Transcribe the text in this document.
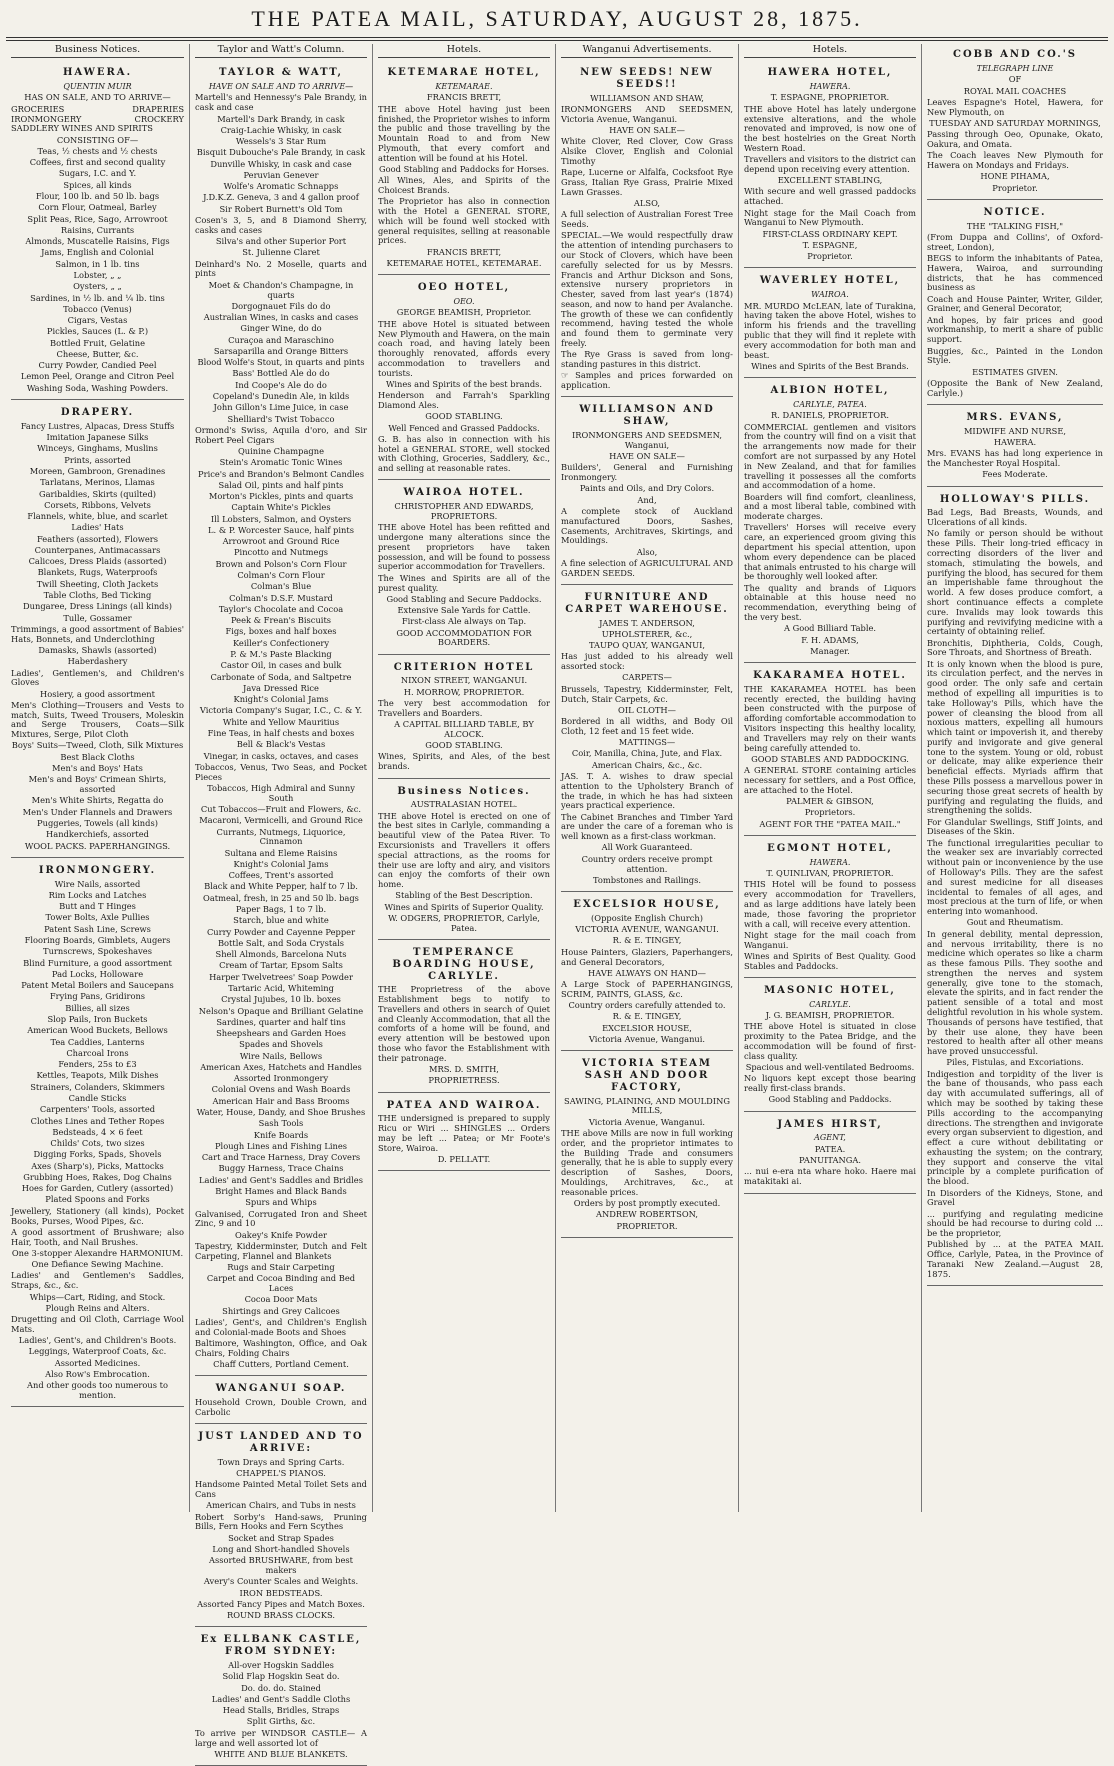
THE PATEA MAIL, SATURDAY, AUGUST 28, 1875.
Business Notices.
HAWERA.
QUENTIN MUIR

HAS ON SALE, AND TO ARRIVE—

GROCERIES DRAPERIES IRONMONGERY CROCKERY SADDLERY WINES AND SPIRITS

CONSISTING OF—

Teas, ½ chests and ½ chests

Coffees, first and second quality

Sugars, I.C. and Y.

Spices, all kinds

Flour, 100 lb. and 50 lb. bags

Corn Flour, Oatmeal, Barley

Split Peas, Rice, Sago, Arrowroot

Raisins, Currants

Almonds, Muscatelle Raisins, Figs

Jams, English and Colonial

Salmon, in 1 lb. tins

Lobster, „ „

Oysters, „ „

Sardines, in ½ lb. and ¼ lb. tins

Tobacco (Venus)

Cigars, Vestas

Pickles, Sauces (L. & P.)

Bottled Fruit, Gelatine

Cheese, Butter, &c.

Curry Powder, Candied Peel

Lemon Peel, Orange and Citron Peel

Washing Soda, Washing Powders.

DRAPERY.

Fancy Lustres, Alpacas, Dress Stuffs

Imitation Japanese Silks

Winceys, Ginghams, Muslins

Prints, assorted

Moreen, Gambroon, Grenadines

Tarlatans, Merinos, Llamas

Garibaldies, Skirts (quilted)

Corsets, Ribbons, Velvets

Flannels, white, blue, and scarlet

Ladies' Hats

Feathers (assorted), Flowers

Counterpanes, Antimacassars

Calicoes, Dress Plaids (assorted)

Blankets, Rugs, Waterproofs

Twill Sheeting, Cloth Jackets

Table Cloths, Bed Ticking

Dungaree, Dress Linings (all kinds)

Tulle, Gossamer

Trimmings, a good assortment of Babies' Hats, Bonnets, and Underclothing

Damasks, Shawls (assorted)

Haberdashery

Ladies', Gentlemen's, and Children's Gloves

Hosiery, a good assortment

Men's Clothing—Trousers and Vests to match, Suits, Tweed Trousers, Moleskin and Serge Trousers, Coats—Silk Mixtures, Serge, Pilot Cloth

Boys' Suits—Tweed, Cloth, Silk Mixtures

Best Black Cloths

Men's and Boys' Hats

Men's and Boys' Crimean Shirts, assorted

Men's White Shirts, Regatta do

Men's Under Flannels and Drawers

Puggeries, Towels (all kinds)

Handkerchiefs, assorted

WOOL PACKS. PAPERHANGINGS.

IRONMONGERY.

Wire Nails, assorted

Rim Locks and Latches

Butt and T Hinges

Tower Bolts, Axle Pullies

Patent Sash Line, Screws

Flooring Boards, Gimblets, Augers

Turnscrews, Spokeshaves

Blind Furniture, a good assortment

Pad Locks, Holloware

Patent Metal Boilers and Saucepans

Frying Pans, Gridirons

Billies, all sizes

Slop Pails, Iron Buckets

American Wood Buckets, Bellows

Tea Caddies, Lanterns

Charcoal Irons

Fenders, 25s to £3

Kettles, Teapots, Milk Dishes

Strainers, Colanders, Skimmers

Candle Sticks

Carpenters' Tools, assorted

Clothes Lines and Tether Ropes

Bedsteads, 4 × 6 feet

Childs' Cots, two sizes

Digging Forks, Spads, Shovels

Axes (Sharp's), Picks, Mattocks

Grubbing Hoes, Rakes, Dog Chains

Hoes for Garden, Cutlery (assorted)

Plated Spoons and Forks

Jewellery, Stationery (all kinds), Pocket Books, Purses, Wood Pipes, &c.

A good assortment of Brushware; also Hair, Tooth, and Nail Brushes.

One 3-stopper Alexandre HARMONIUM.

One Defiance Sewing Machine.

Ladies' and Gentlemen's Saddles, Straps, &c., &c.

Whips—Cart, Riding, and Stock.

Plough Reins and Alters.

Drugetting and Oil Cloth, Carriage Wool Mats.

Ladies', Gent's, and Children's Boots.

Leggings, Waterproof Coats, &c.

Assorted Medicines.

Also Row's Embrocation.

And other goods too numerous to mention.

Taylor and Watt's Column.
TAYLOR & WATT,
HAVE ON SALE AND TO ARRIVE—

Martell's and Hennessy's Pale Brandy, in cask and case

Martell's Dark Brandy, in cask

Craig-Lachie Whisky, in cask

Wessels's 3 Star Rum

Bisquit Dubouche's Pale Brandy, in cask

Dunville Whisky, in cask and case

Peruvian Genever

Wolfe's Aromatic Schnapps

J.D.K.Z. Geneva, 3 and 4 gallon proof

Sir Robert Burnett's Old Tom

Cosen's 3, 5, and 8 Diamond Sherry, casks and cases

Silva's and other Superior Port

St. Julienne Claret

Deinhard's No. 2 Moselle, quarts and pints

Moet & Chandon's Champagne, in quarts

Dorgognauet Fils do do

Australian Wines, in casks and cases

Ginger Wine, do do

Curaçoa and Maraschino

Sarsaparilla and Orange Bitters

Blood Wolfe's Stout, in quarts and pints

Bass' Bottled Ale do do

Ind Coope's Ale do do

Copeland's Dunedin Ale, in kilds

John Gillon's Lime Juice, in case

Shelliard's Twist Tobacco

Ormond's Swiss, Aquila d'oro, and Sir Robert Peel Cigars

Quinine Champagne

Stein's Aromatic Tonic Wines

Price's and Brandon's Belmont Candles

Salad Oil, pints and half pints

Morton's Pickles, pints and quarts

Captain White's Pickles

Ill Lobsters, Salmon, and Oysters

L. & P. Worcester Sauce, half pints

Arrowroot and Ground Rice

Pincotto and Nutmegs

Brown and Polson's Corn Flour

Colman's Corn Flour

Colman's Blue

Colman's D.S.F. Mustard

Taylor's Chocolate and Cocoa

Peek & Frean's Biscuits

Figs, boxes and half boxes

Keiller's Confectionery

P. & M.'s Paste Blacking

Castor Oil, in cases and bulk

Carbonate of Soda, and Saltpetre

Java Dressed Rice

Knight's Colonial Jams

Victoria Company's Sugar, I.C., C. & Y.

White and Yellow Mauritius

Fine Teas, in half chests and boxes

Bell & Black's Vestas

Vinegar, in casks, octaves, and cases

Tobaccos, Venus, Two Seas, and Pocket Pieces

Tobaccos, High Admiral and Sunny South

Cut Tobaccos—Fruit and Flowers, &c.

Macaroni, Vermicelli, and Ground Rice

Currants, Nutmegs, Liquorice, Cinnamon

Sultana and Eleme Raisins

Knight's Colonial Jams

Coffees, Trent's assorted

Black and White Pepper, half to 7 lb.

Oatmeal, fresh, in 25 and 50 lb. bags

Paper Bags, 1 to 7 lb.

Starch, blue and white

Curry Powder and Cayenne Pepper

Bottle Salt, and Soda Crystals

Shell Almonds, Barcelona Nuts

Cream of Tartar, Epsom Salts

Harper Twelvetrees' Soap Powder

Tartaric Acid, Whiteming

Crystal Jujubes, 10 lb. boxes

Nelson's Opaque and Brilliant Gelatine

Sardines, quarter and half tins

Sheepshears and Garden Hoes

Spades and Shovels

Wire Nails, Bellows

American Axes, Hatchets and Handles

Assorted Ironmongery

Colonial Ovens and Wash Boards

American Hair and Bass Brooms

Water, House, Dandy, and Shoe Brushes

Sash Tools

Knife Boards

Plough Lines and Fishing Lines

Cart and Trace Harness, Dray Covers

Buggy Harness, Trace Chains

Ladies' and Gent's Saddles and Bridles

Bright Hames and Black Bands

Spurs and Whips

Galvanised, Corrugated Iron and Sheet Zinc, 9 and 10

Oakey's Knife Powder

Tapestry, Kidderminster, Dutch and Felt Carpeting, Flannel and Blankets

Rugs and Stair Carpeting

Carpet and Cocoa Binding and Bed Laces

Cocoa Door Mats

Shirtings and Grey Calicoes

Ladies', Gent's, and Children's English and Colonial-made Boots and Shoes

Baltimore, Washington, Office, and Oak Chairs, Folding Chairs

Chaff Cutters, Portland Cement.

WANGANUI SOAP.

Household Crown, Double Crown, and Carbolic

JUST LANDED AND TO ARRIVE:

Town Drays and Spring Carts.

CHAPPEL'S PIANOS.

Handsome Painted Metal Toilet Sets and Cans

American Chairs, and Tubs in nests

Robert Sorby's Hand-saws, Pruning Bills, Fern Hooks and Fern Scythes

Socket and Strap Spades

Long and Short-handled Shovels

Assorted BRUSHWARE, from best makers

Avery's Counter Scales and Weights.

IRON BEDSTEADS.

Assorted Fancy Pipes and Match Boxes.

ROUND BRASS CLOCKS.

Ex ELLBANK CASTLE, FROM SYDNEY:

All-over Hogskin Saddles

Solid Flap Hogskin Seat do.

Do. do. do. Stained

Ladies' and Gent's Saddle Cloths

Head Stalls, Bridles, Straps

Split Girths, &c.

To arrive per WINDSOR CASTLE— A large and well assorted lot of

WHITE AND BLUE BLANKETS.

Hotels.
KETEMARAE HOTEL,
KETEMARAE.

FRANCIS BRETT,

THE above Hotel having just been finished, the Proprietor wishes to inform the public and those travelling by the Mountain Road to and from New Plymouth, that every comfort and attention will be found at his Hotel.

Good Stabling and Paddocks for Horses.

All Wines, Ales, and Spirits of the Choicest Brands.

The Proprietor has also in connection with the Hotel a GENERAL STORE, which will be found well stocked with general requisites, selling at reasonable prices.

FRANCIS BRETT,

KETEMARAE HOTEL, KETEMARAE.

OEO HOTEL,
OEO.

GEORGE BEAMISH, Proprietor.

THE above Hotel is situated between New Plymouth and Hawera, on the main coach road, and having lately been thoroughly renovated, affords every accommodation to travellers and tourists.

Wines and Spirits of the best brands.

Henderson and Farrah's Sparkling Diamond Ales.

GOOD STABLING.

Well Fenced and Grassed Paddocks.

G. B. has also in connection with his hotel a GENERAL STORE, well stocked with Clothing, Groceries, Saddlery, &c., and selling at reasonable rates.

WAIROA HOTEL.

CHRISTOPHER AND EDWARDS, PROPRIETORS.

THE above Hotel has been refitted and undergone many alterations since the present proprietors have taken possession, and will be found to possess superior accommodation for Travellers.

The Wines and Spirits are all of the purest quality.

Good Stabling and Secure Paddocks.

Extensive Sale Yards for Cattle.

First-class Ale always on Tap.

GOOD ACCOMMODATION FOR BOARDERS.

CRITERION HOTEL

NIXON STREET, WANGANUI.

H. MORROW, PROPRIETOR.

The very best accommodation for Travellers and Boarders.

A CAPITAL BILLIARD TABLE, BY ALCOCK.

GOOD STABLING.

Wines, Spirits, and Ales, of the best brands.

Business Notices.

AUSTRALASIAN HOTEL.

THE above Hotel is erected on one of the best sites in Carlyle, commanding a beautiful view of the Patea River. To Excursionists and Travellers it offers special attractions, as the rooms for their use are lofty and airy, and visitors can enjoy the comforts of their own home.

Stabling of the Best Description.

Wines and Spirits of Superior Quality.

W. ODGERS, PROPRIETOR, Carlyle, Patea.

TEMPERANCE BOARDING HOUSE, CARLYLE.

THE Proprietress of the above Establishment begs to notify to Travellers and others in search of Quiet and Cleanly Accommodation, that all the comforts of a home will be found, and every attention will be bestowed upon those who favor the Establishment with their patronage.

MRS. D. SMITH,

PROPRIETRESS.

PATEA AND WAIROA.

THE undersigned is prepared to supply Ricu or Wiri ... SHINGLES ... Orders may be left ... Patea; or Mr Foote's Store, Wairoa.

D. PELLATT.

Wanganui Advertisements.
NEW SEEDS! NEW SEEDS!!

WILLIAMSON AND SHAW,

IRONMONGERS AND SEEDSMEN, Victoria Avenue, Wanganui.

HAVE ON SALE—

White Clover, Red Clover, Cow Grass Alsike Clover, English and Colonial Timothy

Rape, Lucerne or Alfalfa, Cocksfoot Rye Grass, Italian Rye Grass, Prairie Mixed Lawn Grasses.

ALSO,

A full selection of Australian Forest Tree Seeds.

SPECIAL.—We would respectfully draw the attention of intending purchasers to our Stock of Clovers, which have been carefully selected for us by Messrs. Francis and Arthur Dickson and Sons, extensive nursery proprietors in Chester, saved from last year's (1874) season, and now to hand per Avalanche. The growth of these we can confidently recommend, having tested the whole and found them to germinate very freely.

The Rye Grass is saved from long-standing pastures in this district.

☞ Samples and prices forwarded on application.

WILLIAMSON AND SHAW,

IRONMONGERS AND SEEDSMEN, Wanganui,

HAVE ON SALE—

Builders', General and Furnishing Ironmongery.

Paints and Oils, and Dry Colors.

And,

A complete stock of Auckland manufactured Doors, Sashes, Casements, Architraves, Skirtings, and Mouldings.

Also,

A fine selection of AGRICULTURAL AND GARDEN SEEDS.

FURNITURE AND CARPET WAREHOUSE.

JAMES T. ANDERSON,

UPHOLSTERER, &c.,

TAUPO QUAY, WANGANUI,

Has just added to his already well assorted stock:

CARPETS—

Brussels, Tapestry, Kidderminster, Felt, Dutch, Stair Carpets, &c.

OIL CLOTH—

Bordered in all widths, and Body Oil Cloth, 12 feet and 15 feet wide.

MATTINGS—

Coir, Manilla, China, Jute, and Flax.

American Chairs, &c., &c.

JAS. T. A. wishes to draw special attention to the Upholstery Branch of the trade, in which he has had sixteen years practical experience.

The Cabinet Branches and Timber Yard are under the care of a foreman who is well known as a first-class workman.

All Work Guaranteed.

Country orders receive prompt attention.

Tombstones and Railings.

EXCELSIOR HOUSE,

(Opposite English Church)

VICTORIA AVENUE, WANGANUI.

R. & E. TINGEY,

House Painters, Glaziers, Paperhangers, and General Decorators,

HAVE ALWAYS ON HAND—

A Large Stock of PAPERHANGINGS, SCRIM, PAINTS, GLASS, &c.

Country orders carefully attended to.

R. & E. TINGEY,

EXCELSIOR HOUSE,

Victoria Avenue, Wanganui.

VICTORIA STEAM SASH AND DOOR FACTORY,

SAWING, PLAINING, AND MOULDING MILLS,

Victoria Avenue, Wanganui.

THE above Mills are now in full working order, and the proprietor intimates to the Building Trade and consumers generally, that he is able to supply every description of Sashes, Doors, Mouldings, Architraves, &c., at reasonable prices.

Orders by post promptly executed.

ANDREW ROBERTSON,

PROPRIETOR.

Hotels.
HAWERA HOTEL,
HAWERA.

T. ESPAGNE, PROPRIETOR.

THE above Hotel has lately undergone extensive alterations, and the whole renovated and improved, is now one of the best hostelries on the Great North Western Road.

Travellers and visitors to the district can depend upon receiving every attention.

EXCELLENT STABLING,

With secure and well grassed paddocks attached.

Night stage for the Mail Coach from Wanganui to New Plymouth.

FIRST-CLASS ORDINARY KEPT.

T. ESPAGNE,

Proprietor.

WAVERLEY HOTEL,
WAIROA.

MR. MURDO McLEAN, late of Turakina, having taken the above Hotel, wishes to inform his friends and the travelling public that they will find it replete with every accommodation for both man and beast.

Wines and Spirits of the Best Brands.

ALBION HOTEL,
CARLYLE, PATEA.

R. DANIELS, PROPRIETOR.

COMMERCIAL gentlemen and visitors from the country will find on a visit that the arrangements now made for their comfort are not surpassed by any Hotel in New Zealand, and that for families travelling it possesses all the comforts and accommodation of a home.

Boarders will find comfort, cleanliness, and a most liberal table, combined with moderate charges.

Travellers' Horses will receive every care, an experienced groom giving this department his special attention, upon whom every dependence can be placed that animals entrusted to his charge will be thoroughly well looked after.

The quality and brands of Liquors obtainable at this house need no recommendation, everything being of the very best.

A Good Billiard Table.

F. H. ADAMS,

Manager.

KAKARAMEA HOTEL.

THE KAKARAMEA HOTEL has been recently erected, the building having been constructed with the purpose of affording comfortable accommodation to Visitors inspecting this healthy locality, and Travellers may rely on their wants being carefully attended to.

GOOD STABLES AND PADDOCKING.

A GENERAL STORE containing articles necessary for settlers, and a Post Office, are attached to the Hotel.

PALMER & GIBSON,

Proprietors.

AGENT FOR THE "PATEA MAIL."

EGMONT HOTEL,
HAWERA.

T. QUINLIVAN, PROPRIETOR.

THIS Hotel will be found to possess every accommodation for Travellers, and as large additions have lately been made, those favoring the proprietor with a call, will receive every attention.

Night stage for the mail coach from Wanganui.

Wines and Spirits of Best Quality. Good Stables and Paddocks.

MASONIC HOTEL,
CARLYLE.

J. G. BEAMISH, PROPRIETOR.

THE above Hotel is situated in close proximity to the Patea Bridge, and the accommodation will be found of first-class quality.

Spacious and well-ventilated Bedrooms.

No liquors kept except those bearing really first-class brands.

Good Stabling and Paddocks.

JAMES HIRST,
AGENT,

PATEA.

PANUITANGA.

... nui e-era nta whare hoko. Haere mai matakitaki ai.

COBB AND CO.'S
TELEGRAPH LINE

OF

ROYAL MAIL COACHES

Leaves Espagne's Hotel, Hawera, for New Plymouth, on

TUESDAY AND SATURDAY MORNINGS,

Passing through Oeo, Opunake, Okato, Oakura, and Omata.

The Coach leaves New Plymouth for Hawera on Mondays and Fridays.

HONE PIHAMA,

Proprietor.

NOTICE.

THE "TALKING FISH,"

(From Duppa and Collins', of Oxford-street, London),

BEGS to inform the inhabitants of Patea, Hawera, Wairoa, and surrounding districts, that he has commenced business as

Coach and House Painter, Writer, Gilder, Grainer, and General Decorator,

And hopes, by fair prices and good workmanship, to merit a share of public support.

Buggies, &c., Painted in the London Style.

ESTIMATES GIVEN.

(Opposite the Bank of New Zealand, Carlyle.)

MRS. EVANS,

MIDWIFE AND NURSE,

HAWERA.

Mrs. EVANS has had long experience in the Manchester Royal Hospital.

Fees Moderate.

HOLLOWAY'S PILLS.

Bad Legs, Bad Breasts, Wounds, and Ulcerations of all kinds.

No family or person should be without these Pills. Their long-tried efficacy in correcting disorders of the liver and stomach, stimulating the bowels, and purifying the blood, has secured for them an imperishable fame throughout the world. A few doses produce comfort, a short continuance effects a complete cure. Invalids may look towards this purifying and revivifying medicine with a certainty of obtaining relief.

Bronchitis, Diphtheria, Colds, Cough, Sore Throats, and Shortness of Breath.

It is only known when the blood is pure, its circulation perfect, and the nerves in good order. The only safe and certain method of expelling all impurities is to take Holloway's Pills, which have the power of cleansing the blood from all noxious matters, expelling all humours which taint or impoverish it, and thereby purify and invigorate and give general tone to the system. Young or old, robust or delicate, may alike experience their beneficial effects. Myriads affirm that these Pills possess a marvellous power in securing those great secrets of health by purifying and regulating the fluids, and strengthening the solids.

For Glandular Swellings, Stiff Joints, and Diseases of the Skin.

The functional irregularities peculiar to the weaker sex are invariably corrected without pain or inconvenience by the use of Holloway's Pills. They are the safest and surest medicine for all diseases incidental to females of all ages, and most precious at the turn of life, or when entering into womanhood.

Gout and Rheumatism.

In general debility, mental depression, and nervous irritability, there is no medicine which operates so like a charm as these famous Pills. They soothe and strengthen the nerves and system generally, give tone to the stomach, elevate the spirits, and in fact render the patient sensible of a total and most delightful revolution in his whole system. Thousands of persons have testified, that by their use alone, they have been restored to health after all other means have proved unsuccessful.

Piles, Fistulas, and Excoriations.

Indigestion and torpidity of the liver is the bane of thousands, who pass each day with accumulated sufferings, all of which may be soothed by taking these Pills according to the accompanying directions. The strengthen and invigorate every organ subservient to digestion, and effect a cure without debilitating or exhausting the system; on the contrary, they support and conserve the vital principle by a complete purification of the blood.

In Disorders of the Kidneys, Stone, and Gravel

... purifying and regulating medicine should be had recourse to during cold ... be the proprietor,

Published by ... at the PATEA MAIL Office, Carlyle, Patea, in the Province of Taranaki New Zealand.—August 28, 1875.
